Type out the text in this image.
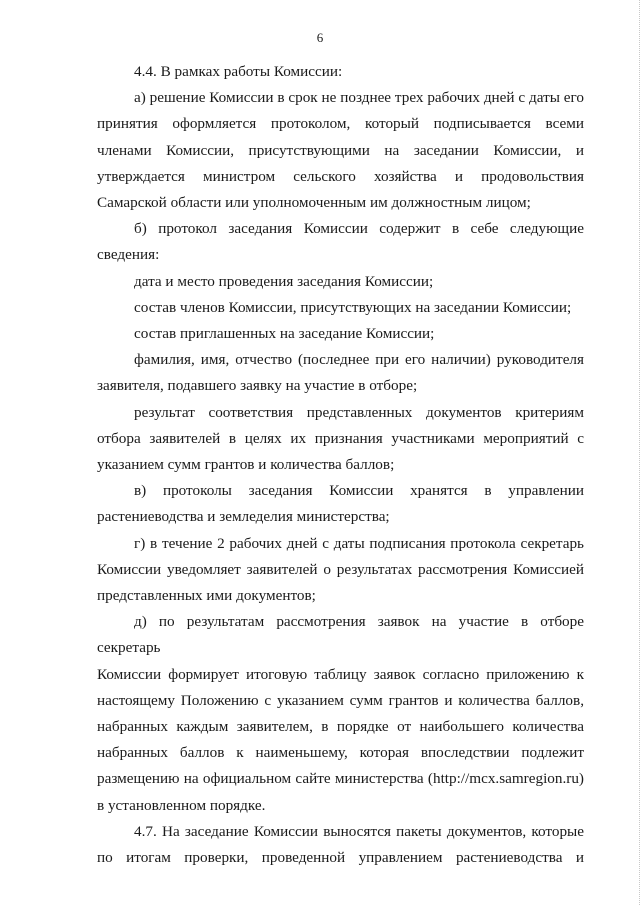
6
4.4. В рамках работы Комиссии:
а) решение Комиссии в срок не позднее трех рабочих дней с даты его
принятия оформляется протоколом, который подписывается всеми
членами Комиссии, присутствующими на заседании Комиссии, и
утверждается министром сельского хозяйства и продовольствия
Самарской области или уполномоченным им должностным лицом;
б) протокол заседания Комиссии содержит в себе следующие
сведения:
дата и место проведения заседания Комиссии;
состав членов Комиссии, присутствующих на заседании Комиссии;
состав приглашенных на заседание Комиссии;
фамилия, имя, отчество (последнее при его наличии) руководителя
заявителя, подавшего заявку на участие в отборе;
результат соответствия представленных документов критериям
отбора заявителей в целях их признания участниками мероприятий с
указанием сумм грантов и количества баллов;
в) протоколы заседания Комиссии хранятся в управлении
растениеводства и земледелия министерства;
г) в течение 2 рабочих дней с даты подписания протокола секретарь
Комиссии уведомляет заявителей о результатах рассмотрения Комиссией
представленных ими документов;
д) по результатам рассмотрения заявок на участие в отборе секретарь
Комиссии формирует итоговую таблицу заявок согласно приложению к
настоящему Положению с указанием сумм грантов и количества баллов,
набранных каждым заявителем, в порядке от наибольшего количества
набранных баллов к наименьшему, которая впоследствии подлежит
размещению на официальном сайте министерства (http://mcx.samregion.ru)
в установленном порядке.
4.7. На заседание Комиссии выносятся пакеты документов, которые
по итогам проверки, проведенной управлением растениеводства и
